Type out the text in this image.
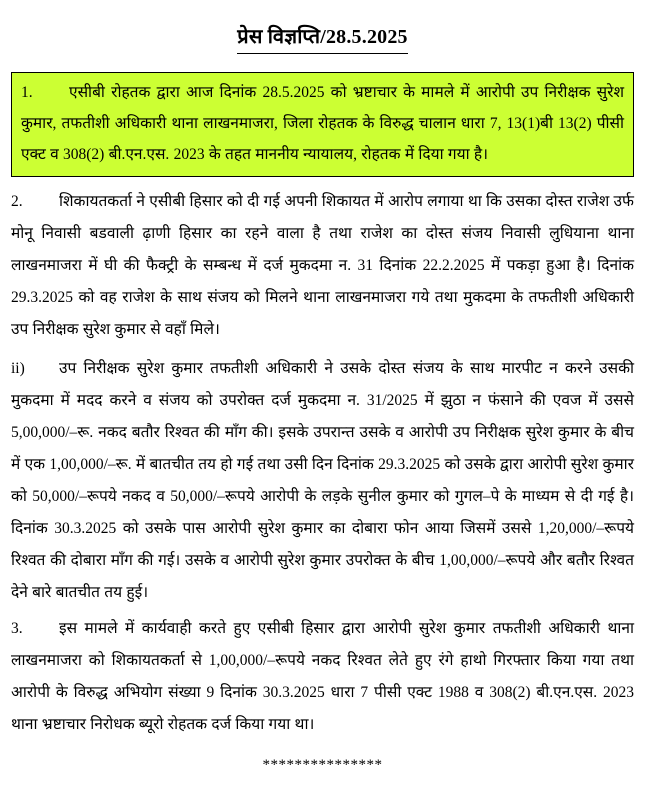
प्रेस विज्ञप्ति/28.5.2025

1. एसीबी रोहतक द्वारा आज दिनांक 28.5.2025 को भ्रष्टाचार के मामले में आरोपी उप निरीक्षक सुरेश कुमार, तफतीशी अधिकारी थाना लाखनमाजरा, जिला रोहतक के विरुद्ध चालान धारा 7, 13(1)बी 13(2) पीसी एक्ट व 308(2) बी.एन.एस. 2023 के तहत माननीय न्यायालय, रोहतक में दिया गया है।

2. शिकायतकर्ता ने एसीबी हिसार को दी गई अपनी शिकायत में आरोप लगाया था कि उसका दोस्त राजेश उर्फ मोनू निवासी बडवाली ढ़ाणी हिसार का रहने वाला है तथा राजेश का दोस्त संजय निवासी लुधियाना थाना लाखनमाजरा में घी की फैक्ट्री के सम्बन्ध में दर्ज मुकदमा न. 31 दिनांक 22.2.2025 में पकड़ा हुआ है। दिनांक 29.3.2025 को वह राजेश के साथ संजय को मिलने थाना लाखनमाजरा गये तथा मुकदमा के तफतीशी अधिकारी उप निरीक्षक सुरेश कुमार से वहाँ मिले।

ii) उप निरीक्षक सुरेश कुमार तफतीशी अधिकारी ने उसके दोस्त संजय के साथ मारपीट न करने उसकी मुकदमा में मदद करने व संजय को उपरोक्त दर्ज मुकदमा न. 31/2025 में झुठा न फंसाने की एवज में उससे 5,00,000/–रू. नकद बतौर रिश्वत की माँग की। इसके उपरान्त उसके व आरोपी उप निरीक्षक सुरेश कुमार के बीच में एक 1,00,000/–रू. में बातचीत तय हो गई तथा उसी दिन दिनांक 29.3.2025 को उसके द्वारा आरोपी सुरेश कुमार को 50,000/–रूपये नकद व 50,000/–रूपये आरोपी के लड़के सुनील कुमार को गुगल–पे के माध्यम से दी गई है। दिनांक 30.3.2025 को उसके पास आरोपी सुरेश कुमार का दोबारा फोन आया जिसमें उससे 1,20,000/–रूपये रिश्वत की दोबारा माँग की गई। उसके व आरोपी सुरेश कुमार उपरोक्त के बीच 1,00,000/–रूपये और बतौर रिश्वत देने बारे बातचीत तय हुई।

3. इस मामले में कार्यवाही करते हुए एसीबी हिसार द्वारा आरोपी सुरेश कुमार तफतीशी अधिकारी थाना लाखनमाजरा को शिकायतकर्ता से 1,00,000/–रूपये नकद रिश्वत लेते हुए रंगे हाथो गिरफ्तार किया गया तथा आरोपी के विरुद्ध अभियोग संख्या 9 दिनांक 30.3.2025 धारा 7 पीसी एक्ट 1988 व 308(2) बी.एन.एस. 2023 थाना भ्रष्टाचार निरोधक ब्यूरो रोहतक दर्ज किया गया था।

***************
